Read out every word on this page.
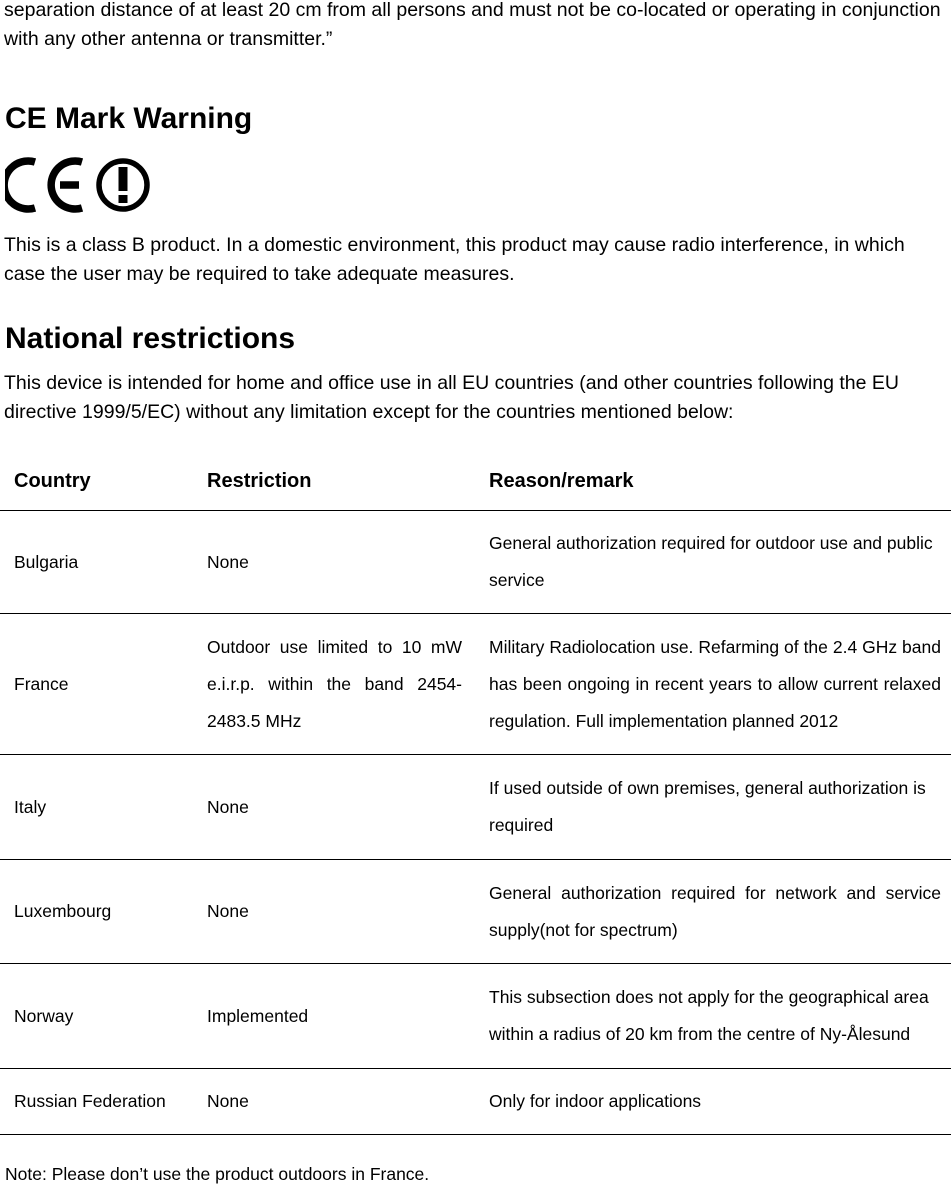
separation distance of at least 20 cm from all persons and must not be co-located or operating in conjunction with any other antenna or transmitter.”

CE Mark Warning

This is a class B product. In a domestic environment, this product may cause radio interference, in which case the user may be required to take adequate measures.

National restrictions

This device is intended for home and office use in all EU countries (and other countries following the EU directive 1999/5/EC) without any limitation except for the countries mentioned below:

Country	Restriction	Reason/remark
Bulgaria	None	General authorization required for outdoor use and public service
France	Outdoor use limited to 10 mW e.i.r.p. within the band 2454-2483.5 MHz	Military Radiolocation use. Refarming of the 2.4 GHz band has been ongoing in recent years to allow current relaxed regulation. Full implementation planned 2012
Italy	None	If used outside of own premises, general authorization is required
Luxembourg	None	General authorization required for network and service supply(not for spectrum)
Norway	Implemented	This subsection does not apply for the geographical area within a radius of 20 km from the centre of Ny-Ålesund
Russian Federation	None	Only for indoor applications

Note: Please don’t use the product outdoors in France.
